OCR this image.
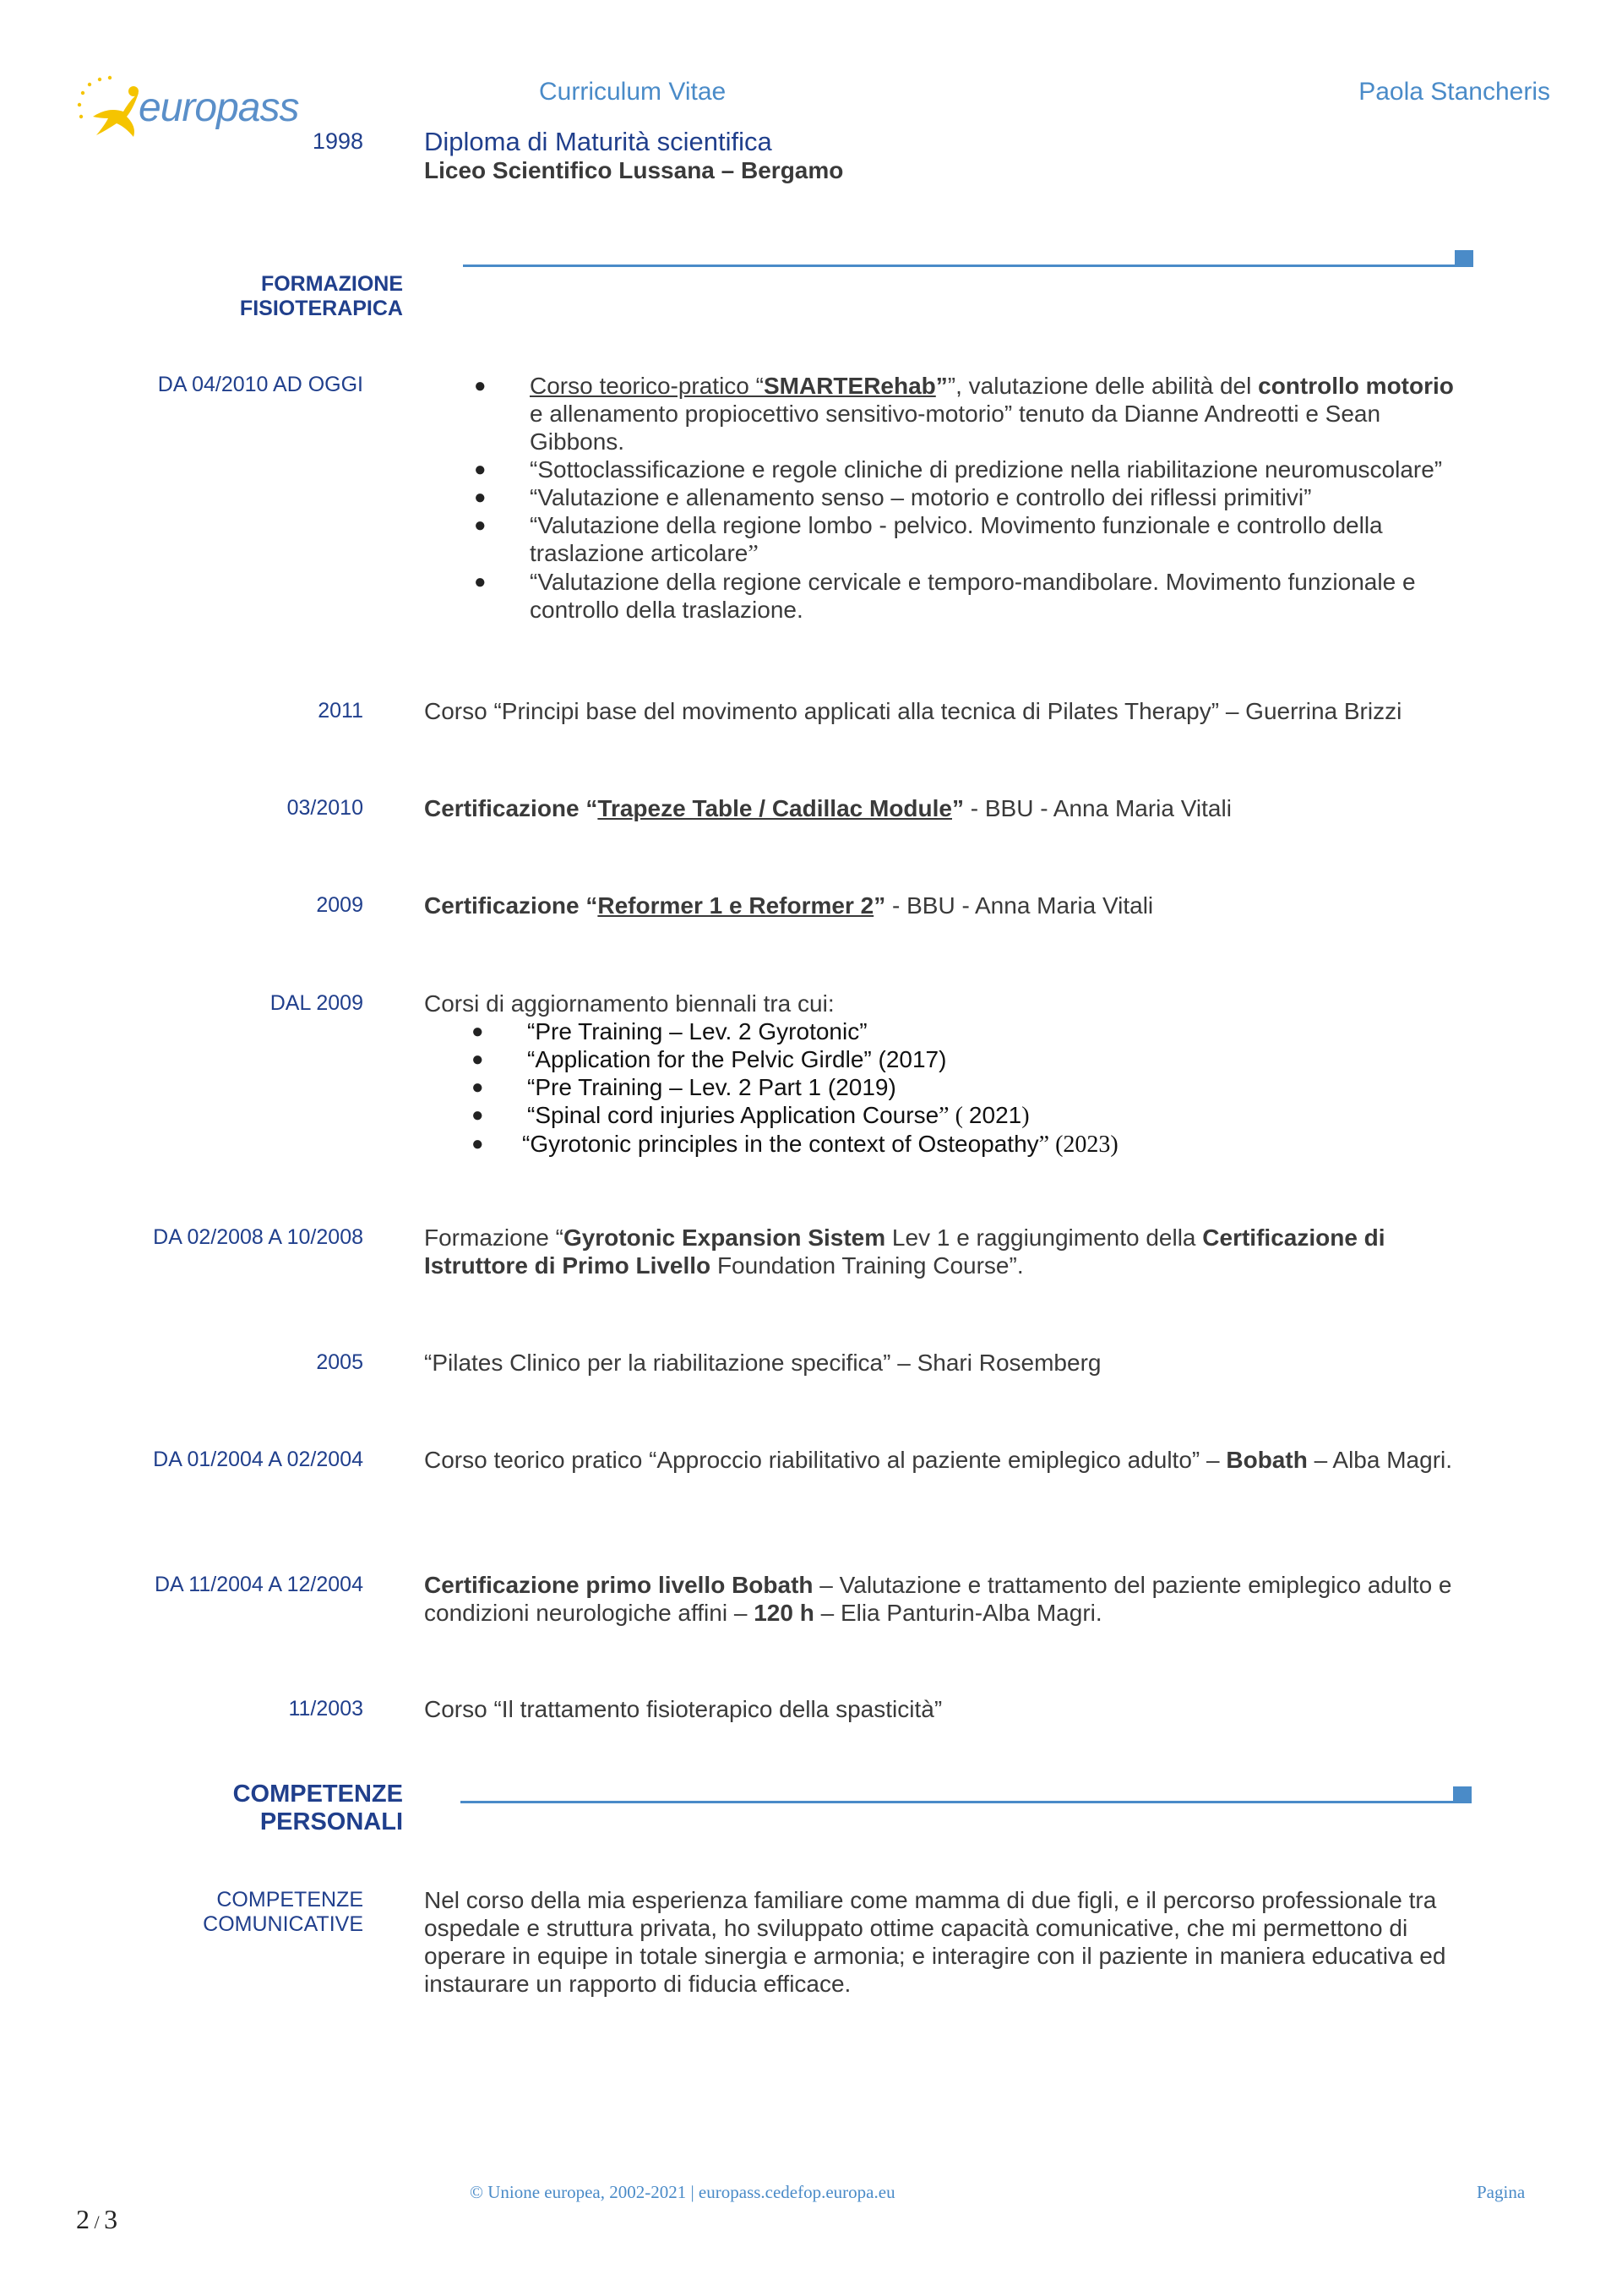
europass	Curriculum Vitae	Paola Stancheris
1998 Diploma di Maturità scientifica
Liceo Scientifico Lussana – Bergamo
FORMAZIONE
FISIOTERAPICA
DA 04/2010 AD OGGI	● Corso teorico-pratico “SMARTERehab””, valutazione delle abilità del controllo motorio e allenamento propiocettivo sensitivo-motorio” tenuto da Dianne Andreotti e Sean Gibbons.
● “Sottoclassificazione e regole cliniche di predizione nella riabilitazione neuromuscolare”
● “Valutazione e allenamento senso – motorio e controllo dei riflessi primitivi”
● “Valutazione della regione lombo - pelvico. Movimento funzionale e controllo della traslazione articolare”
● “Valutazione della regione cervicale e temporo-mandibolare. Movimento funzionale e controllo della traslazione.
2011	Corso “Principi base del movimento applicati alla tecnica di Pilates Therapy” – Guerrina Brizzi
03/2010	Certificazione “Trapeze Table / Cadillac Module” - BBU - Anna Maria Vitali
2009	Certificazione “Reformer 1 e Reformer 2” - BBU - Anna Maria Vitali
DAL 2009	Corsi di aggiornamento biennali tra cui:
● “Pre Training – Lev. 2 Gyrotonic”
● “Application for the Pelvic Girdle” (2017)
● “Pre Training – Lev. 2 Part 1 (2019)
● “Spinal cord injuries Application Course” ( 2021)
● “Gyrotonic principles in the context of Osteopathy” (2023)
DA 02/2008 A 10/2008	Formazione “Gyrotonic Expansion Sistem Lev 1 e raggiungimento della Certificazione di Istruttore di Primo Livello Foundation Training Course”.
2005	“Pilates Clinico per la riabilitazione specifica” – Shari Rosemberg
DA 01/2004 A 02/2004	Corso teorico pratico “Approccio riabilitativo al paziente emiplegico adulto” – Bobath – Alba Magri.
DA 11/2004 A 12/2004	Certificazione primo livello Bobath – Valutazione e trattamento del paziente emiplegico adulto e condizioni neurologiche affini – 120 h – Elia Panturin-Alba Magri.
11/2003	Corso “Il trattamento fisioterapico della spasticità”
COMPETENZE
PERSONALI
COMPETENZE
COMUNICATIVE
Nel corso della mia esperienza familiare come mamma di due figli, e il percorso professionale tra ospedale e struttura privata, ho sviluppato ottime capacità comunicative, che mi permettono di operare in equipe in totale sinergia e armonia; e interagire con il paziente in maniera educativa ed instaurare un rapporto di fiducia efficace.
© Unione europea, 2002-2021 | europass.cedefop.europa.eu	Pagina
2 / 3
